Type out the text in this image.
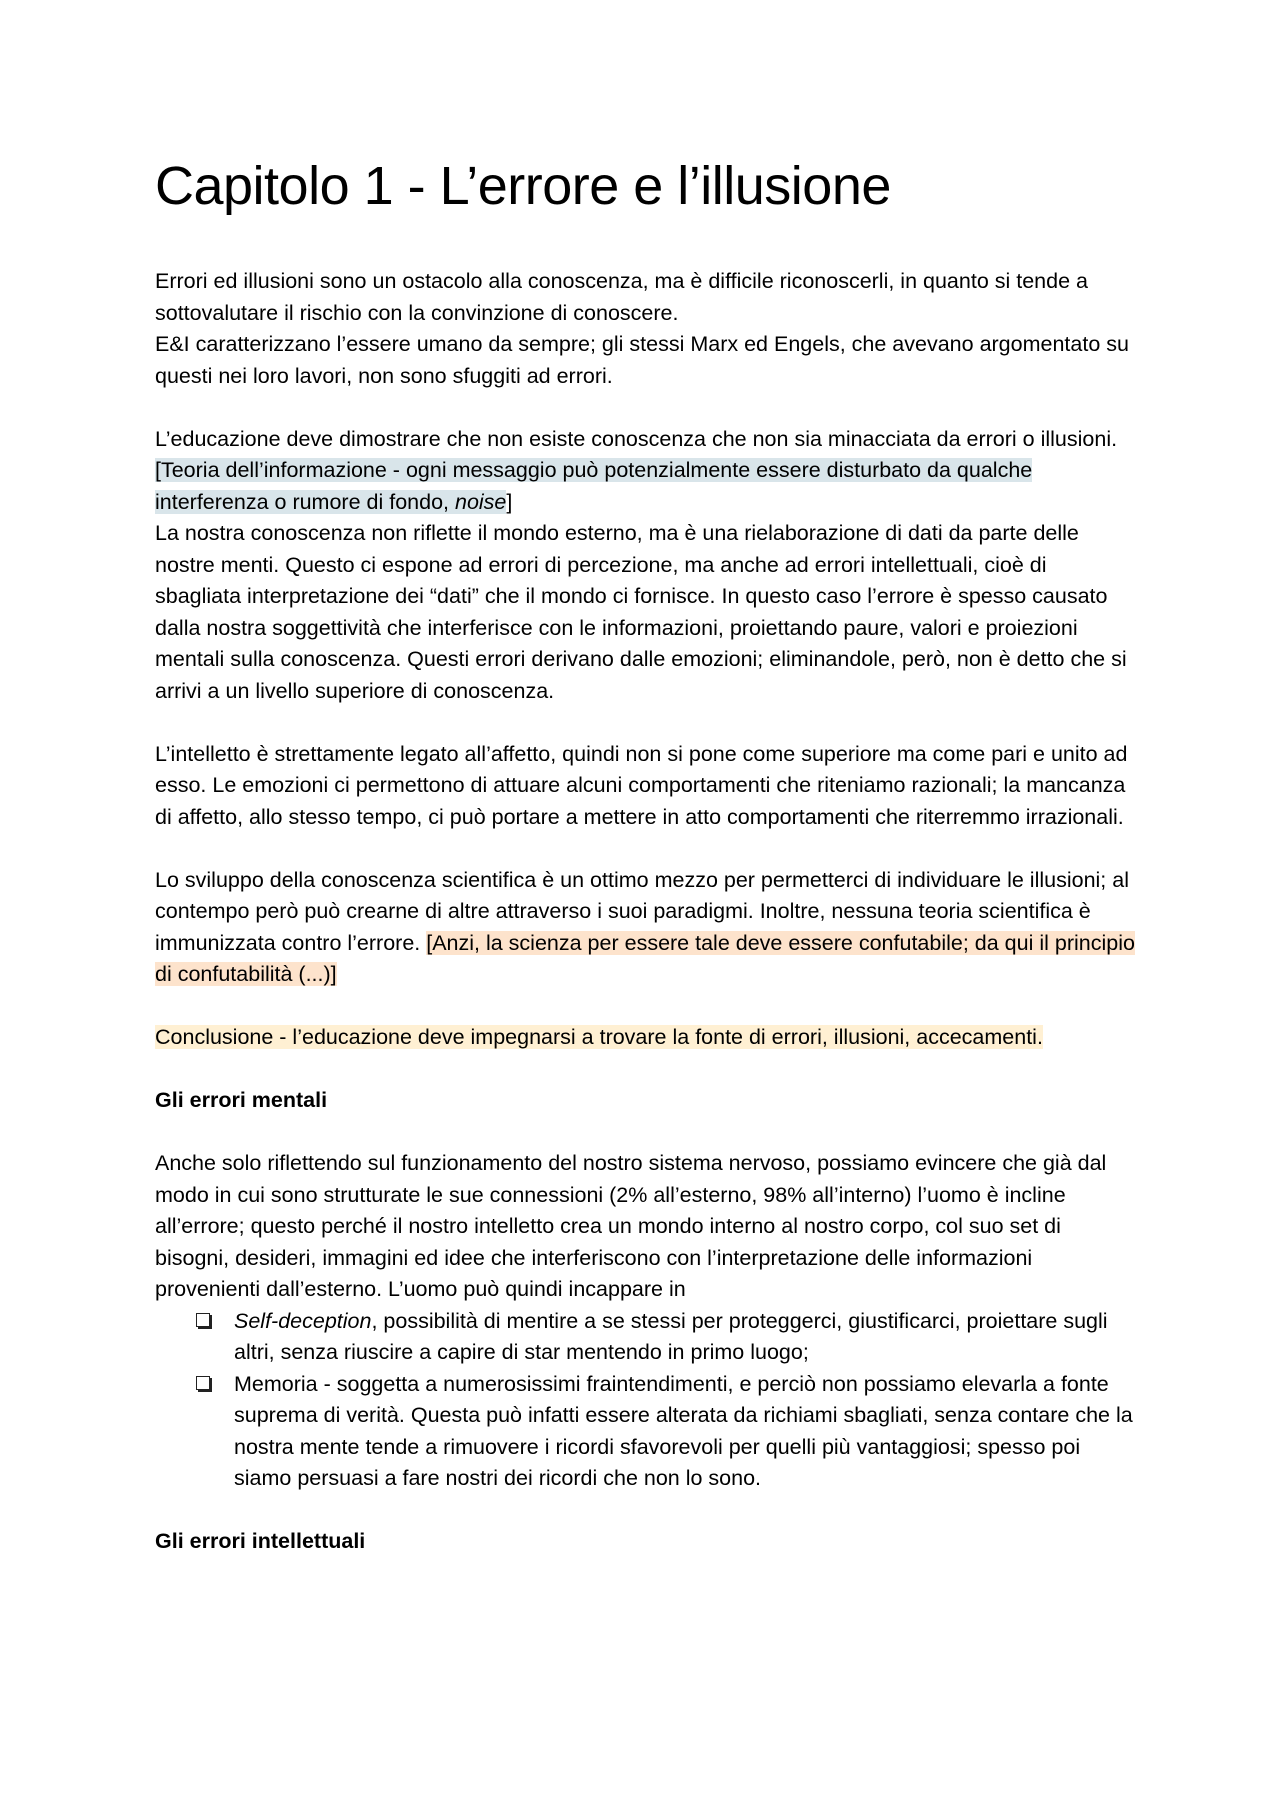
Capitolo 1 - L’errore e l’illusione

Errori ed illusioni sono un ostacolo alla conoscenza, ma è difficile riconoscerli, in quanto si tende a sottovalutare il rischio con la convinzione di conoscere.

E&I caratterizzano l’essere umano da sempre; gli stessi Marx ed Engels, che avevano argomentato su questi nei loro lavori, non sono sfuggiti ad errori.

L’educazione deve dimostrare che non esiste conoscenza che non sia minacciata da errori o illusioni. [Teoria dell’informazione - ogni messaggio può potenzialmente essere disturbato da qualche interferenza o rumore di fondo, noise]

La nostra conoscenza non riflette il mondo esterno, ma è una rielaborazione di dati da parte delle nostre menti. Questo ci espone ad errori di percezione, ma anche ad errori intellettuali, cioè di sbagliata interpretazione dei “dati” che il mondo ci fornisce. In questo caso l’errore è spesso causato dalla nostra soggettività che interferisce con le informazioni, proiettando paure, valori e proiezioni mentali sulla conoscenza. Questi errori derivano dalle emozioni; eliminandole, però, non è detto che si arrivi a un livello superiore di conoscenza.

L’intelletto è strettamente legato all’affetto, quindi non si pone come superiore ma come pari e unito ad esso. Le emozioni ci permettono di attuare alcuni comportamenti che riteniamo razionali; la mancanza di affetto, allo stesso tempo, ci può portare a mettere in atto comportamenti che riterremmo irrazionali.

Lo sviluppo della conoscenza scientifica è un ottimo mezzo per permetterci di individuare le illusioni; al contempo però può crearne di altre attraverso i suoi paradigmi. Inoltre, nessuna teoria scientifica è immunizzata contro l’errore. [Anzi, la scienza per essere tale deve essere confutabile; da qui il principio di confutabilità (...)]

Conclusione - l’educazione deve impegnarsi a trovare la fonte di errori, illusioni, accecamenti.

Gli errori mentali

Anche solo riflettendo sul funzionamento del nostro sistema nervoso, possiamo evincere che già dal modo in cui sono strutturate le sue connessioni (2% all’esterno, 98% all’interno) l’uomo è incline all’errore; questo perché il nostro intelletto crea un mondo interno al nostro corpo, col suo set di bisogni, desideri, immagini ed idee che interferiscono con l’interpretazione delle informazioni provenienti dall’esterno. L’uomo può quindi incappare in

Self-deception, possibilità di mentire a se stessi per proteggerci, giustificarci, proiettare sugli altri, senza riuscire a capire di star mentendo in primo luogo;
Memoria - soggetta a numerosissimi fraintendimenti, e perciò non possiamo elevarla a fonte suprema di verità. Questa può infatti essere alterata da richiami sbagliati, senza contare che la nostra mente tende a rimuovere i ricordi sfavorevoli per quelli più vantaggiosi; spesso poi siamo persuasi a fare nostri dei ricordi che non lo sono.

Gli errori intellettuali
